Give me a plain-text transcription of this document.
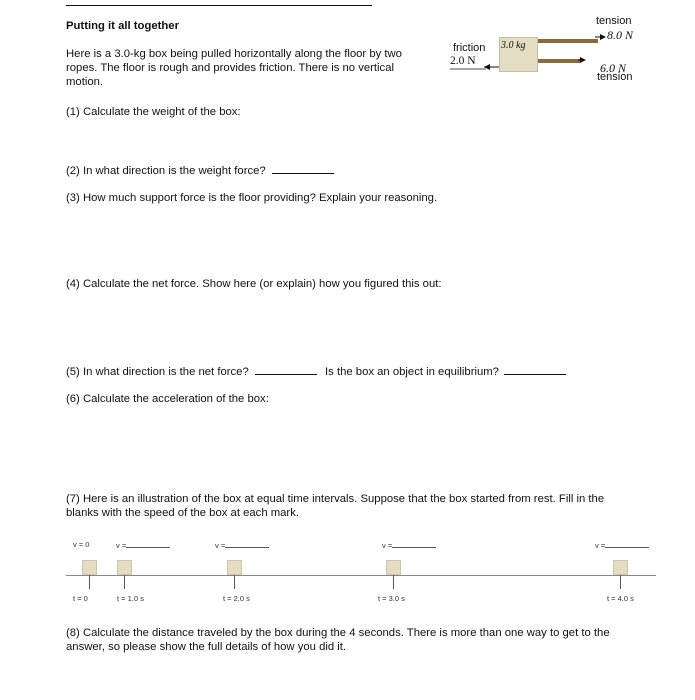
Putting it all together
Here is a 3.0-kg box being pulled horizontally along the floor by two ropes. The floor is rough and provides friction. There is no vertical motion.
3.0 kg
friction
2.0 N
tension
8.0 N
6.0 N
tension
(1) Calculate the weight of the box:
(2) In what direction is the weight force?
(3) How much support force is the floor providing? Explain your reasoning.
(4) Calculate the net force. Show here (or explain) how you figured this out:
(5) In what direction is the net force?	Is the box an object in equilibrium?
(6) Calculate the acceleration of the box:
(7) Here is an illustration of the box at equal time intervals. Suppose that the box started from rest. Fill in the blanks with the speed of the box at each mark.
v = 0	v =	v =	v =	v =
t = 0	t = 1.0 s	t = 2.0 s	t = 3.0 s	t = 4.0 s
(8) Calculate the distance traveled by the box during the 4 seconds. There is more than one way to get to the answer, so please show the full details of how you did it.
